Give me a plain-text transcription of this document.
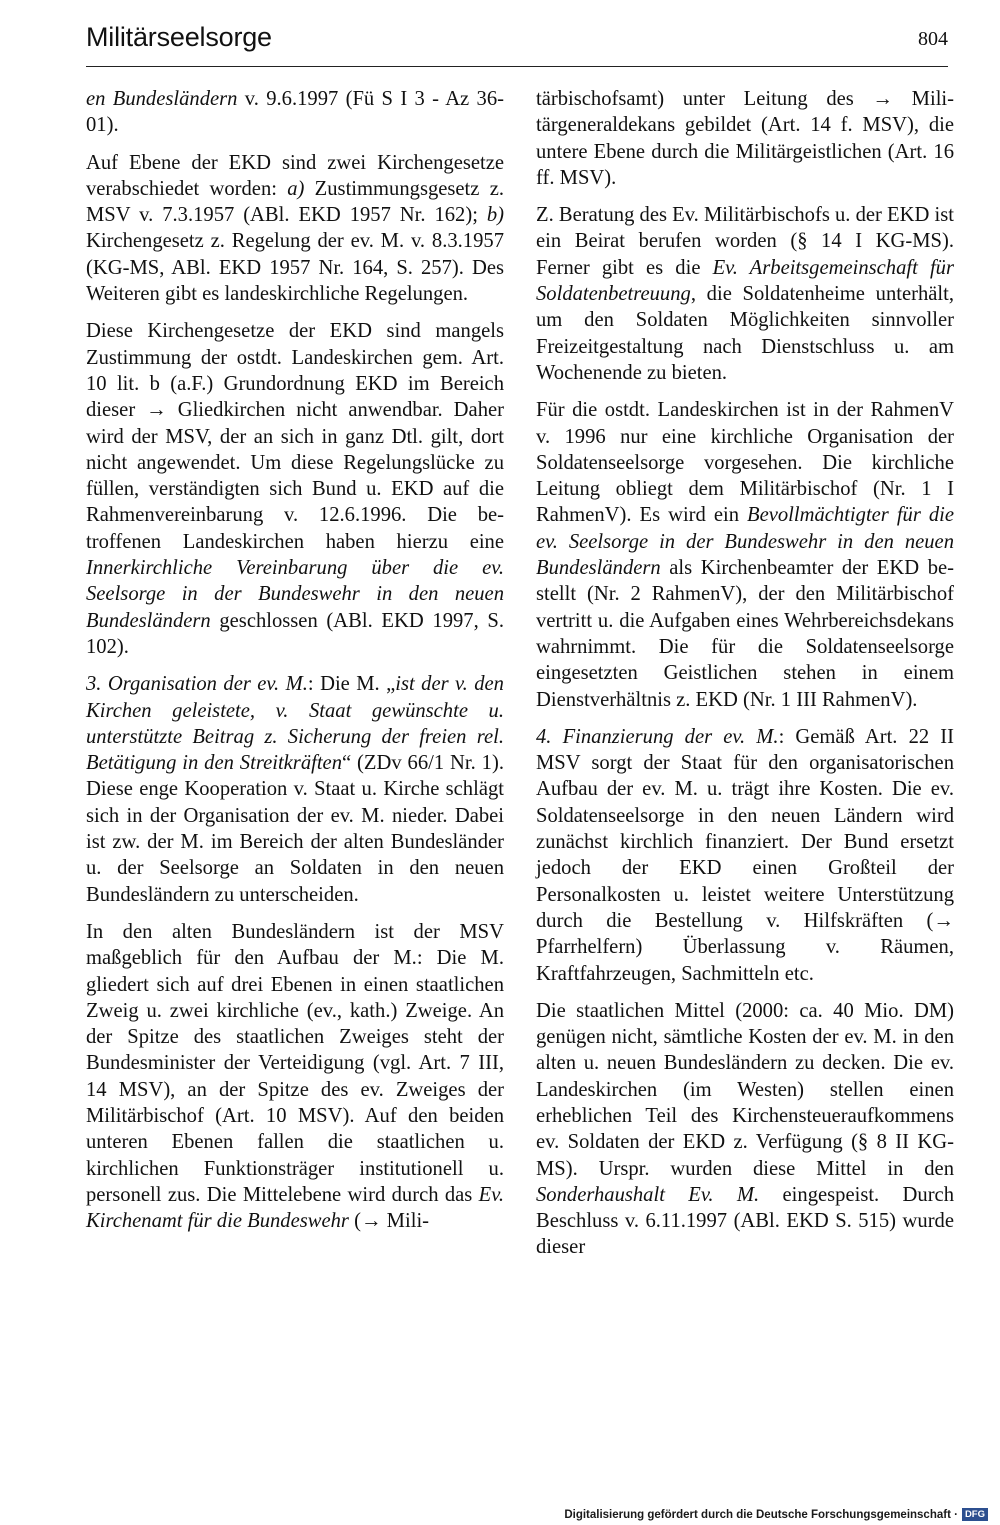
Militärseelsorge	804

en Bundesländern v. 9.6.1997 (Fü S I 3 - Az 36-01).

Auf Ebene der EKD sind zwei Kirchengesetze verabschiedet worden: a) Zustimmungsgesetz z. MSV v. 7.3.1957 (ABl. EKD 1957 Nr. 162); b) Kirchengesetz z. Regelung der ev. M. v. 8.3.1957 (KG-MS, ABl. EKD 1957 Nr. 164, S. 257). Des Weiteren gibt es landeskirchliche Regelungen.

Diese Kirchengesetze der EKD sind mangels Zustimmung der ostdt. Landeskirchen gem. Art. 10 lit. b (a.F.) Grundordnung EKD im Bereich dieser → Gliedkirchen nicht anwendbar. Daher wird der MSV, der an sich in ganz Dtl. gilt, dort nicht angewendet. Um diese Regelungslücke zu füllen, verständigten sich Bund u. EKD auf die Rahmenvereinbarung v. 12.6.1996. Die betroffenen Landeskirchen haben hierzu eine Innerkirchliche Vereinbarung über die ev. Seelsorge in der Bundeswehr in den neuen Bundesländern geschlossen (ABl. EKD 1997, S. 102).

3. Organisation der ev. M.: Die M. „ist der v. den Kirchen geleistete, v. Staat gewünschte u. unterstützte Beitrag z. Sicherung der freien rel. Betätigung in den Streitkräften“ (ZDv 66/1 Nr. 1). Diese enge Kooperation v. Staat u. Kirche schlägt sich in der Organisation der ev. M. nieder. Dabei ist zw. der M. im Bereich der alten Bundesländer u. der Seelsorge an Soldaten in den neuen Bundesländern zu unterscheiden.

In den alten Bundesländern ist der MSV maßgeblich für den Aufbau der M.: Die M. gliedert sich auf drei Ebenen in einen staatlichen Zweig u. zwei kirchliche (ev., kath.) Zweige. An der Spitze des staatlichen Zweiges steht der Bundesminister der Verteidigung (vgl. Art. 7 III, 14 MSV), an der Spitze des ev. Zweiges der Militärbischof (Art. 10 MSV). Auf den beiden unteren Ebenen fallen die staatlichen u. kirchlichen Funktionsträger institutionell u. personell zus. Die Mittelebene wird durch das Ev. Kirchenamt für die Bundeswehr (→ Mili-

tärbischofsamt) unter Leitung des → Militärgeneraldekans gebildet (Art. 14 f. MSV), die untere Ebene durch die Militärgeistlichen (Art. 16 ff. MSV).

Z. Beratung des Ev. Militärbischofs u. der EKD ist ein Beirat berufen worden (§ 14 I KG-MS). Ferner gibt es die Ev. Arbeitsgemeinschaft für Soldatenbetreuung, die Soldatenheime unterhält, um den Soldaten Möglichkeiten sinnvoller Freizeitgestaltung nach Dienstschluss u. am Wochenende zu bieten.

Für die ostdt. Landeskirchen ist in der RahmenV v. 1996 nur eine kirchliche Organisation der Soldatenseelsorge vorgesehen. Die kirchliche Leitung obliegt dem Militärbischof (Nr. 1 I RahmenV). Es wird ein Bevollmächtigter für die ev. Seelsorge in der Bundeswehr in den neuen Bundesländern als Kirchenbeamter der EKD bestellt (Nr. 2 RahmenV), der den Militärbischof vertritt u. die Aufgaben eines Wehrbereichsdekans wahrnimmt. Die für die Soldatenseelsorge eingesetzten Geistlichen stehen in einem Dienstverhältnis z. EKD (Nr. 1 III RahmenV).

4. Finanzierung der ev. M.: Gemäß Art. 22 II MSV sorgt der Staat für den organisatorischen Aufbau der ev. M. u. trägt ihre Kosten. Die ev. Soldatenseelsorge in den neuen Ländern wird zunächst kirchlich finanziert. Der Bund ersetzt jedoch der EKD einen Großteil der Personalkosten u. leistet weitere Unterstützung durch die Bestellung v. Hilfskräften (→ Pfarrhelfern) Überlassung v. Räumen, Kraftfahrzeugen, Sachmitteln etc.

Die staatlichen Mittel (2000: ca. 40 Mio. DM) genügen nicht, sämtliche Kosten der ev. M. in den alten u. neuen Bundesländern zu decken. Die ev. Landeskirchen (im Westen) stellen einen erheblichen Teil des Kirchensteueraufkommens ev. Soldaten der EKD z. Verfügung (§ 8 II KG-MS). Urspr. wurden diese Mittel in den Sonderhaushalt Ev. M. eingespeist. Durch Beschluss v. 6.11.1997 (ABl. EKD S. 515) wurde dieser

Digitalisierung gefördert durch die Deutsche Forschungsgemeinschaft · DFG
